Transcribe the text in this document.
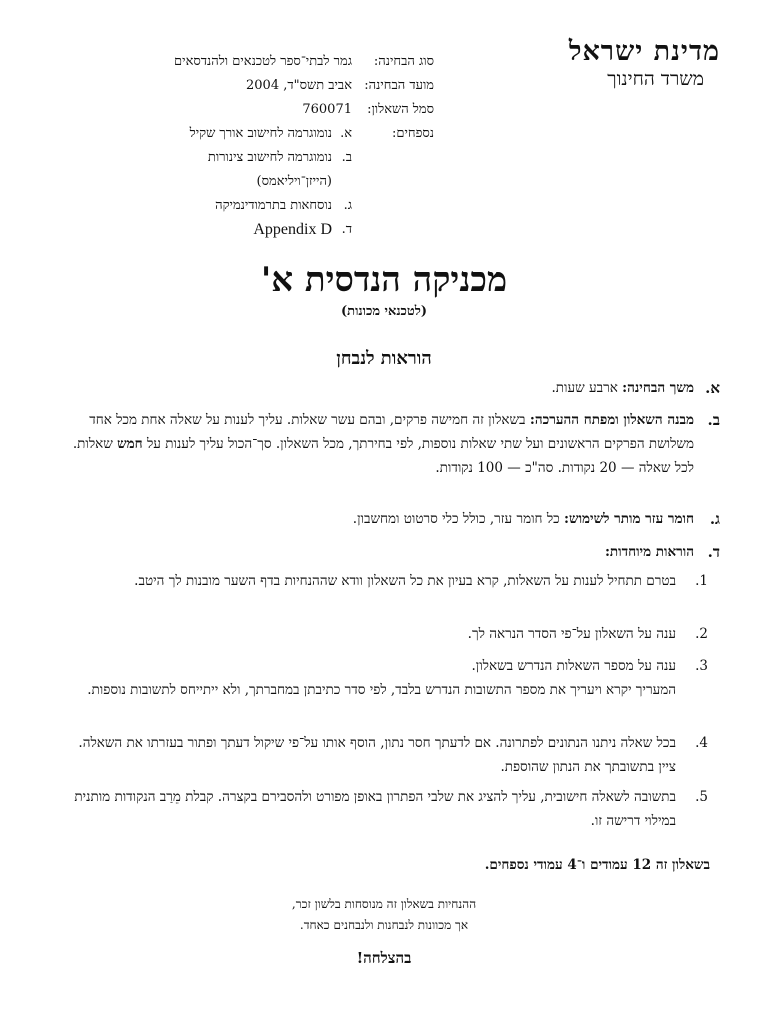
מדינת ישראל
משרד החינוך
סוג הבחינה:
גמר לבתי־ספר לטכנאים ולהנדסאים
מועד הבחינה:
אביב תשס"ד, 2004
סמל השאלון:
760071
נספחים:
א.
נומוגרמה לחישוב אורך שקיל
ב.
נומוגרמה לחישוב צינורות
(הייזן־ויליאמס)
ג.
נוסחאות בתרמודינמיקה
ד.
Appendix D
מכניקה הנדסית א'
(לטכנאי מכונות)
הוראות לנבחן
א.
משך הבחינה: ארבע שעות.
ב.
מבנה השאלון ומפתח ההערכה: בשאלון זה חמישה פרקים, ובהם עשר שאלות. עליך לענות על שאלה אחת מכל אחד משלושת הפרקים הראשונים ועל שתי שאלות נוספות, לפי בחירתך, מכל השאלון. סך־הכול עליך לענות על חמש שאלות.
לכל שאלה — 20 נקודות. סה"כ — 100 נקודות.
ג.
חומר עזר מותר לשימוש: כל חומר עזר, כולל כלי סרטוט ומחשבון.
ד.
הוראות מיוחדות:
1.
בטרם תתחיל לענות על השאלות, קרא בעיון את כל השאלון וודא שההנחיות בדף השער מובנות לך היטב.
2.
ענה על השאלון על־פי הסדר הנראה לך.
3.
ענה על מספר השאלות הנדרש בשאלון.
המעריך יקרא ויעריך את מספר התשובות הנדרש בלבד, לפי סדר כתיבתן במחברתך, ולא ייתייחס לתשובות נוספות.
4.
בכל שאלה ניתנו הנתונים לפתרונה. אם לדעתך חסר נתון, הוסף אותו על־פי שיקול דעתך ופתור בעזרתו את השאלה. ציין בתשובתך את הנתון שהוספת.
5.
בתשובה לשאלה חישובית, עליך להציג את שלבי הפתרון באופן מפורט ולהסבירם בקצרה. קבלת מֵרַב הנקודות מותנית במילוי דרישה זו.
בשאלון זה 12 עמודים ו־4 עמודי נספחים.
ההנחיות בשאלון זה מנוסחות בלשון זכר,
אך מכוונות לנבחנות ולנבחנים כאחד.
בהצלחה!
